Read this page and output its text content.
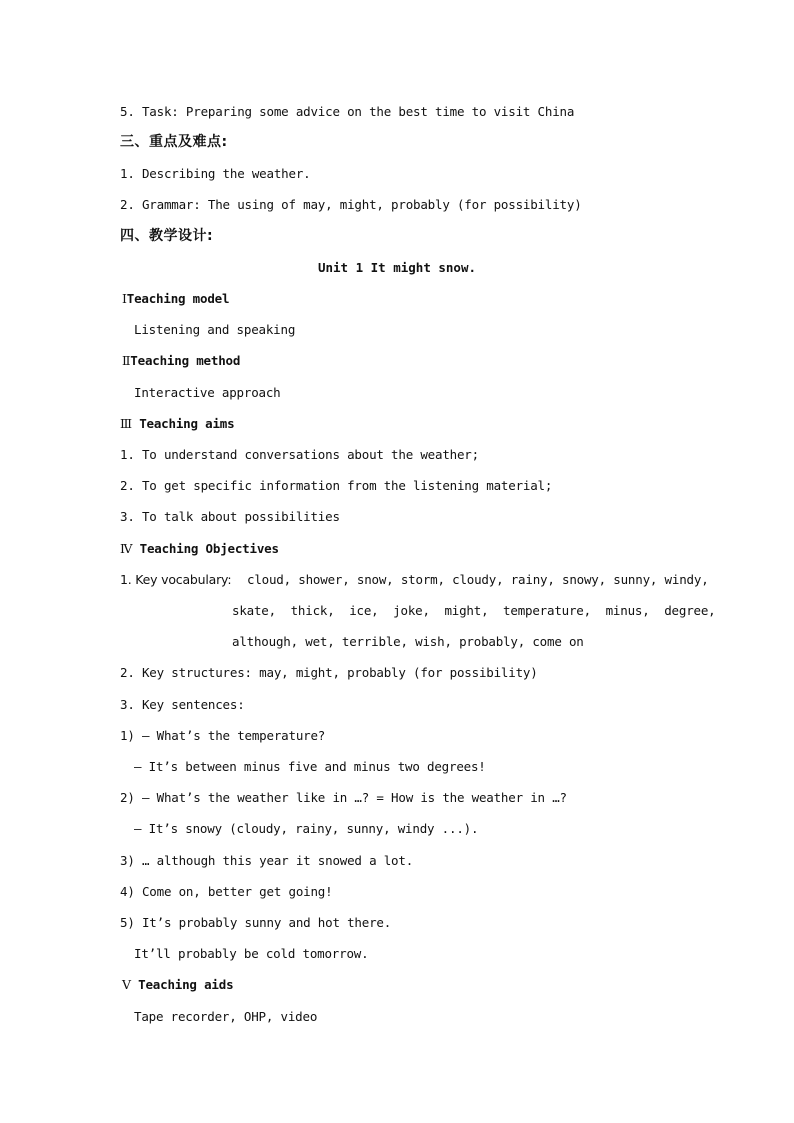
5. Task: Preparing some advice on the best time to visit China
三、重点及难点:
1. Describing the weather.
2. Grammar: The using of may, might, probably (for possibility)
四、教学设计:
Unit 1 It might snow.
ⅠTeaching model
Listening and speaking
ⅡTeaching method
Interactive approach
Ⅲ Teaching aims
1. To understand conversations about the weather;
2. To get specific information from the listening material;
3. To talk about possibilities
Ⅳ Teaching Objectives
1. Key vocabulary: cloud, shower, snow, storm, cloudy, rainy, snowy, sunny, windy,
skate,  thick,  ice,  joke,  might,  temperature,  minus,  degree,
although, wet, terrible, wish, probably, come on
2. Key structures: may, might, probably (for possibility)
3. Key sentences:
1) — What’s the temperature?
— It’s between minus five and minus two degrees!
2) — What’s the weather like in …? = How is the weather in …?
— It’s snowy (cloudy, rainy, sunny, windy ...).
3) … although this year it snowed a lot.
4) Come on, better get going!
5) It’s probably sunny and hot there.
It’ll probably be cold tomorrow.
Ⅴ Teaching aids
Tape recorder, OHP, video
